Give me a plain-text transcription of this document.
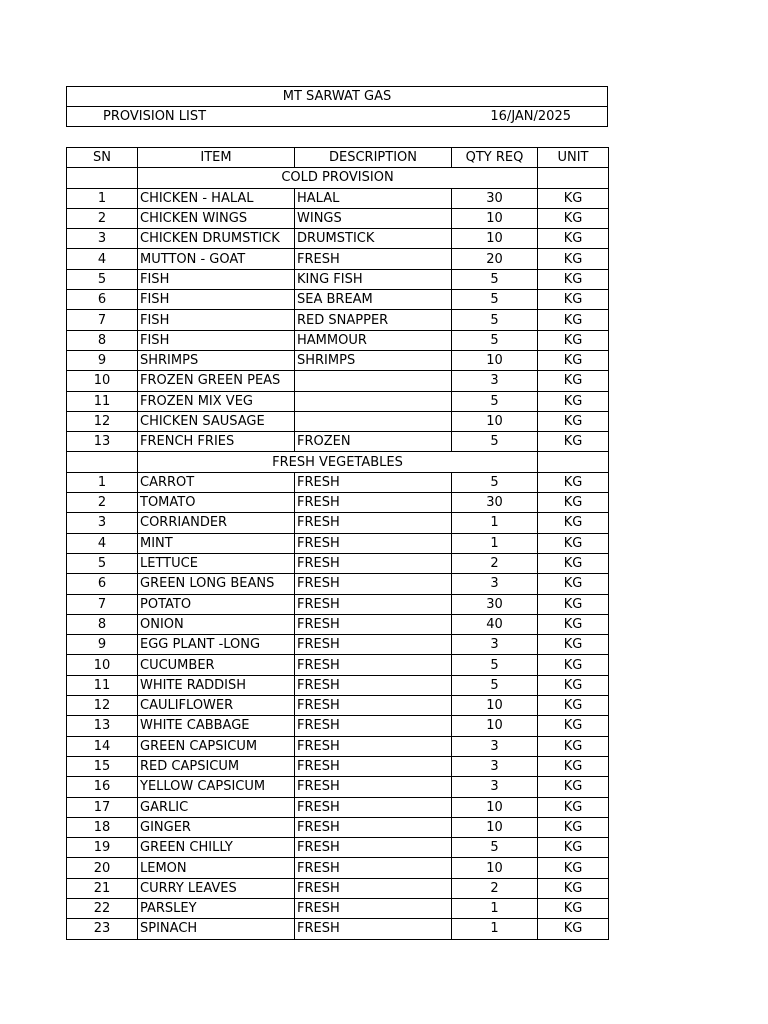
MT SARWAT GAS
PROVISION LIST	16/JAN/2025
SN	ITEM	DESCRIPTION	QTY REQ	UNIT
	COLD PROVISION			
1	CHICKEN - HALAL	HALAL	30	KG
2	CHICKEN WINGS	WINGS	10	KG
3	CHICKEN DRUMSTICK	DRUMSTICK	10	KG
4	MUTTON - GOAT	FRESH	20	KG
5	FISH	KING FISH	5	KG
6	FISH	SEA BREAM	5	KG
7	FISH	RED SNAPPER	5	KG
8	FISH	HAMMOUR	5	KG
9	SHRIMPS	SHRIMPS	10	KG
10	FROZEN GREEN PEAS		3	KG
11	FROZEN MIX VEG		5	KG
12	CHICKEN SAUSAGE		10	KG
13	FRENCH FRIES	FROZEN	5	KG
	FRESH VEGETABLES			
1	CARROT	FRESH	5	KG
2	TOMATO	FRESH	30	KG
3	CORRIANDER	FRESH	1	KG
4	MINT	FRESH	1	KG
5	LETTUCE	FRESH	2	KG
6	GREEN LONG BEANS	FRESH	3	KG
7	POTATO	FRESH	30	KG
8	ONION	FRESH	40	KG
9	EGG PLANT -LONG	FRESH	3	KG
10	CUCUMBER	FRESH	5	KG
11	WHITE RADDISH	FRESH	5	KG
12	CAULIFLOWER	FRESH	10	KG
13	WHITE CABBAGE	FRESH	10	KG
14	GREEN CAPSICUM	FRESH	3	KG
15	RED CAPSICUM	FRESH	3	KG
16	YELLOW CAPSICUM	FRESH	3	KG
17	GARLIC	FRESH	10	KG
18	GINGER	FRESH	10	KG
19	GREEN CHILLY	FRESH	5	KG
20	LEMON	FRESH	10	KG
21	CURRY LEAVES	FRESH	2	KG
22	PARSLEY	FRESH	1	KG
23	SPINACH	FRESH	1	KG
